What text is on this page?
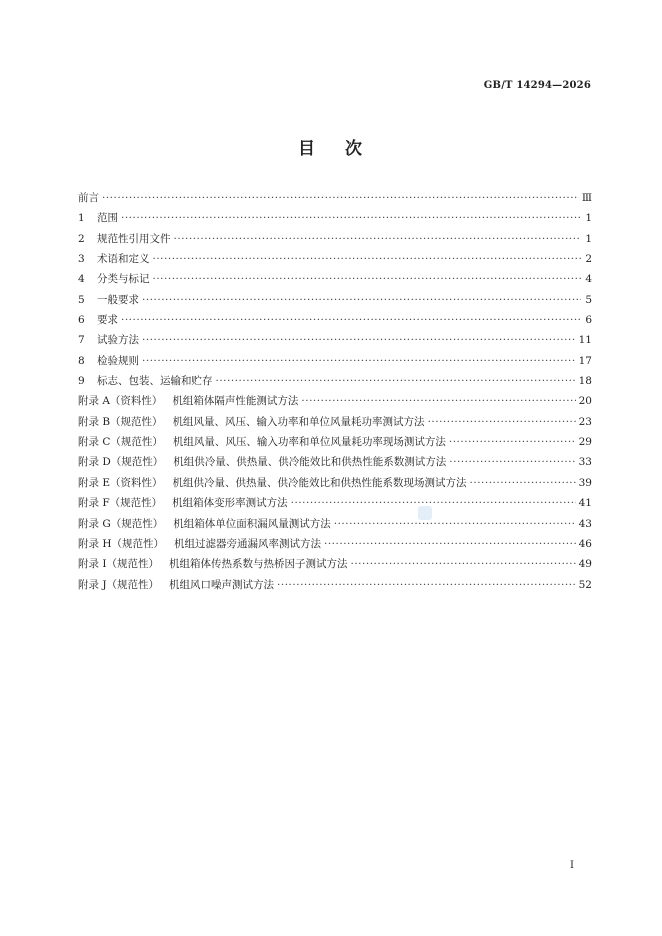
GB/T 14294—2026
目 次
前言 ·····	Ⅲ
1	范围 ·····	1
2	规范性引用文件 ·····	1
3	术语和定义 ·····	2
4	分类与标记 ·····	4
5	一般要求 ·····	5
6	要求 ·····	6
7	试验方法 ·····	11
8	检验规则 ·····	17
9	标志、包装、运输和贮存 ·····	18
附录 A（资料性） 机组箱体隔声性能测试方法 ·····	20
附录 B（规范性） 机组风量、风压、输入功率和单位风量耗功率测试方法 ·····	23
附录 C（规范性） 机组风量、风压、输入功率和单位风量耗功率现场测试方法 ·····	29
附录 D（规范性） 机组供冷量、供热量、供冷能效比和供热性能系数测试方法 ·····	33
附录 E（资料性） 机组供冷量、供热量、供冷能效比和供热性能系数现场测试方法 ·····	39
附录 F（规范性） 机组箱体变形率测试方法 ·····	41
附录 G（规范性） 机组箱体单位面积漏风量测试方法 ·····	43
附录 H（规范性） 机组过滤器旁通漏风率测试方法 ·····	46
附录 I（规范性） 机组箱体传热系数与热桥因子测试方法 ·····	49
附录 J（规范性） 机组风口噪声测试方法 ·····	52
I
